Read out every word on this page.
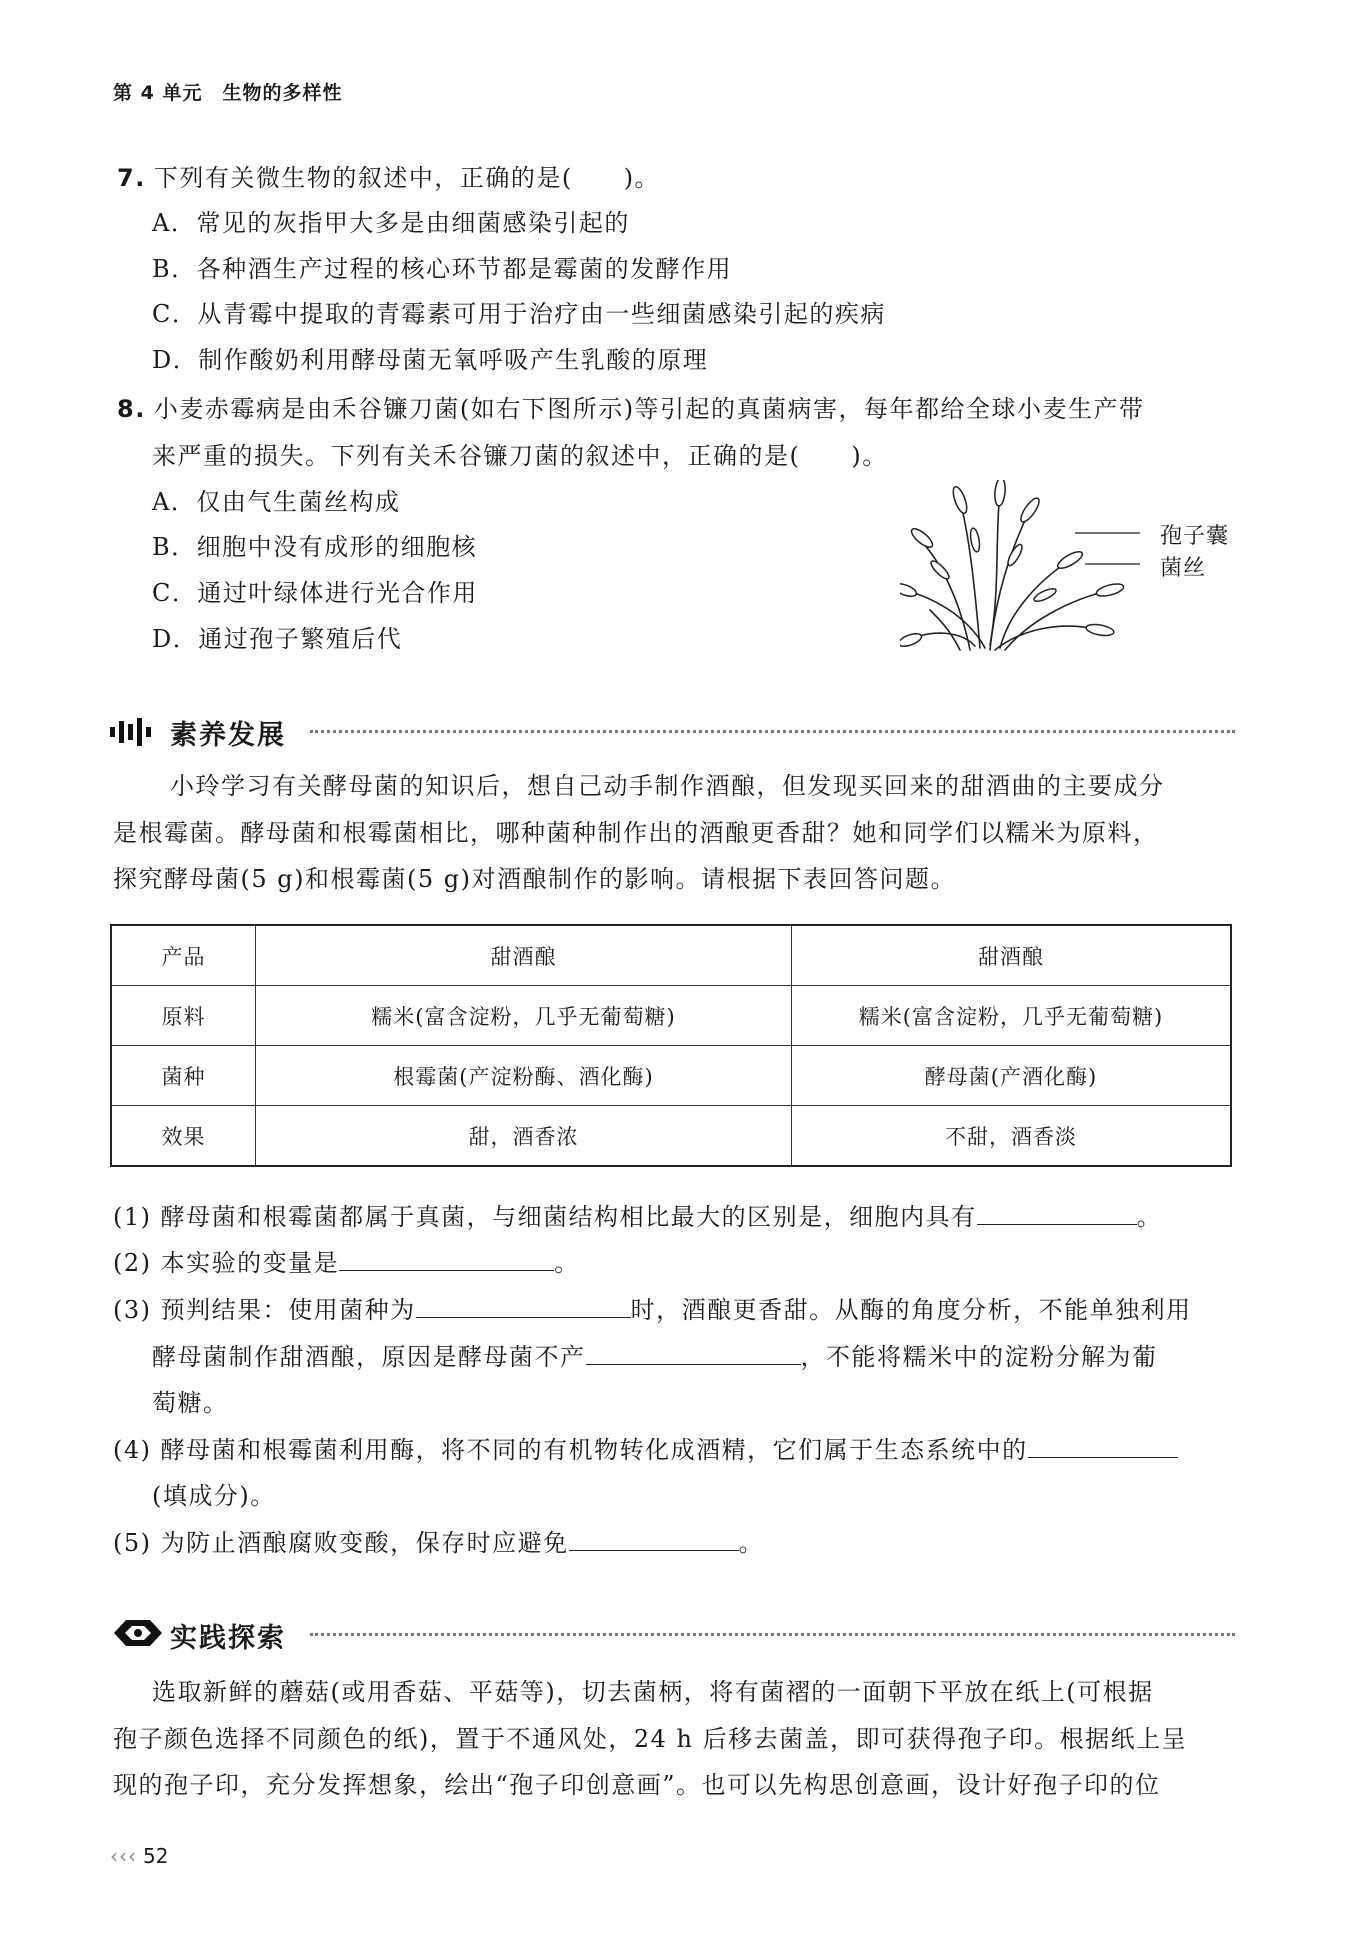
第 4 单元　生物的多样性
7. 下列有关微生物的叙述中，正确的是(　　)。
A．常见的灰指甲大多是由细菌感染引起的
B．各种酒生产过程的核心环节都是霉菌的发酵作用
C．从青霉中提取的青霉素可用于治疗由一些细菌感染引起的疾病
D．制作酸奶利用酵母菌无氧呼吸产生乳酸的原理
8. 小麦赤霉病是由禾谷镰刀菌(如右下图所示)等引起的真菌病害，每年都给全球小麦生产带
来严重的损失。下列有关禾谷镰刀菌的叙述中，正确的是(　　)。
A．仅由气生菌丝构成
B．细胞中没有成形的细胞核
C．通过叶绿体进行光合作用
D．通过孢子繁殖后代
孢子囊
菌丝
素养发展
小玲学习有关酵母菌的知识后，想自己动手制作酒酿，但发现买回来的甜酒曲的主要成分
是根霉菌。酵母菌和根霉菌相比，哪种菌种制作出的酒酿更香甜？她和同学们以糯米为原料，
探究酵母菌(5 g)和根霉菌(5 g)对酒酿制作的影响。请根据下表回答问题。
产品	甜酒酿	甜酒酿
原料	糯米(富含淀粉，几乎无葡萄糖)	糯米(富含淀粉，几乎无葡萄糖)
菌种	根霉菌(产淀粉酶、酒化酶)	酵母菌(产酒化酶)
效果	甜，酒香浓	不甜，酒香淡
(1) 酵母菌和根霉菌都属于真菌，与细菌结构相比最大的区别是，细胞内具有	。
(2) 本实验的变量是	。
(3) 预判结果：使用菌种为	时，酒酿更香甜。从酶的角度分析，不能单独利用
酵母菌制作甜酒酿，原因是酵母菌不产	，不能将糯米中的淀粉分解为葡
萄糖。
(4) 酵母菌和根霉菌利用酶，将不同的有机物转化成酒精，它们属于生态系统中的
(填成分)。
(5) 为防止酒酿腐败变酸，保存时应避免	。
实践探索
选取新鲜的蘑菇(或用香菇、平菇等)，切去菌柄，将有菌褶的一面朝下平放在纸上(可根据
孢子颜色选择不同颜色的纸)，置于不通风处，24 h 后移去菌盖，即可获得孢子印。根据纸上呈
现的孢子印，充分发挥想象，绘出“孢子印创意画”。也可以先构思创意画，设计好孢子印的位
‹‹‹ 52
